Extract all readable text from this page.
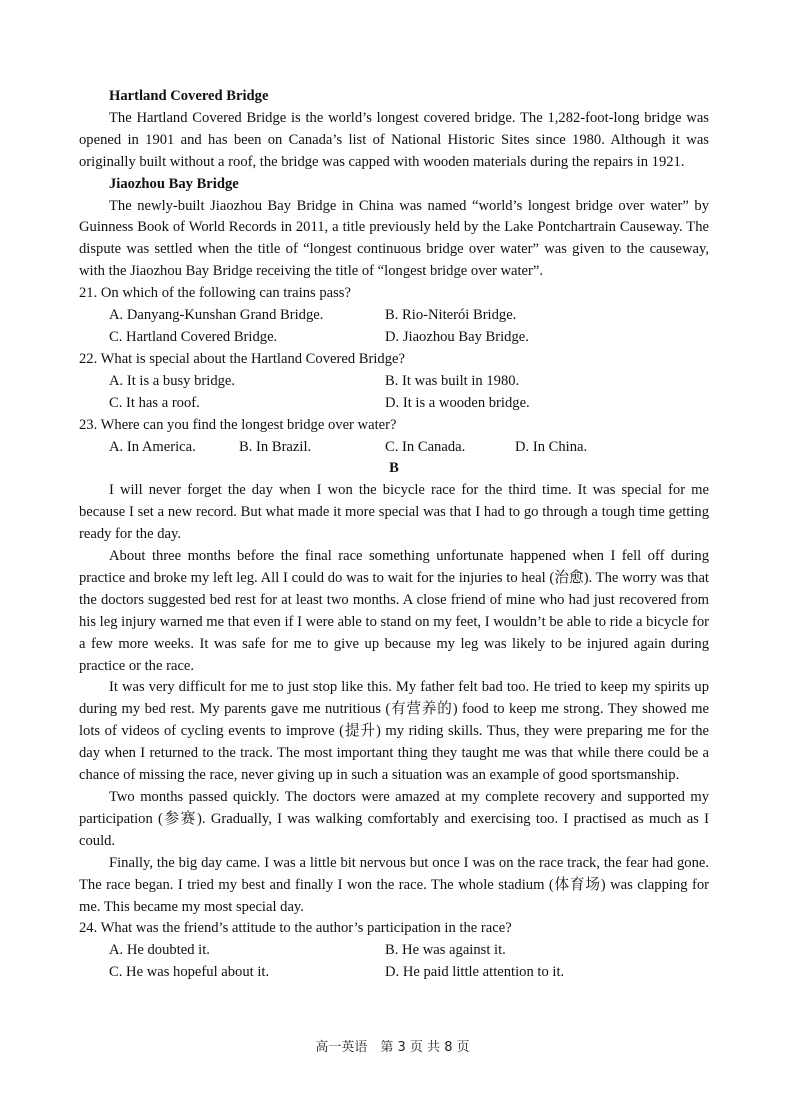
Hartland Covered Bridge

The Hartland Covered Bridge is the world’s longest covered bridge. The 1,282-foot-long bridge was opened in 1901 and has been on Canada’s list of National Historic Sites since 1980. Although it was originally built without a roof, the bridge was capped with wooden materials during the repairs in 1921.

Jiaozhou Bay Bridge

The newly-built Jiaozhou Bay Bridge in China was named “world’s longest bridge over water” by Guinness Book of World Records in 2011, a title previously held by the Lake Pontchartrain Causeway. The dispute was settled when the title of “longest continuous bridge over water” was given to the causeway, with the Jiaozhou Bay Bridge receiving the title of “longest bridge over water”.

21. On which of the following can trains pass?

A. Danyang-Kunshan Grand Bridge.	B. Rio-Niterói Bridge.
C. Hartland Covered Bridge.	D. Jiaozhou Bay Bridge.

22. What is special about the Hartland Covered Bridge?

A. It is a busy bridge.	B. It was built in 1980.
C. It has a roof.	D. It is a wooden bridge.

23. Where can you find the longest bridge over water?

A. In America.	B. In Brazil.	C. In Canada.	D. In China.

B

I will never forget the day when I won the bicycle race for the third time. It was special for me because I set a new record. But what made it more special was that I had to go through a tough time getting ready for the day.

About three months before the final race something unfortunate happened when I fell off during practice and broke my left leg. All I could do was to wait for the injuries to heal (治愈). The worry was that the doctors suggested bed rest for at least two months. A close friend of mine who had just recovered from his leg injury warned me that even if I were able to stand on my feet, I wouldn’t be able to ride a bicycle for a few more weeks. It was safe for me to give up because my leg was likely to be injured again during practice or the race.

It was very difficult for me to just stop like this. My father felt bad too. He tried to keep my spirits up during my bed rest. My parents gave me nutritious (有营养的) food to keep me strong. They showed me lots of videos of cycling events to improve (提升) my riding skills. Thus, they were preparing me for the day when I returned to the track. The most important thing they taught me was that while there could be a chance of missing the race, never giving up in such a situation was an example of good sportsmanship.

Two months passed quickly. The doctors were amazed at my complete recovery and supported my participation (参赛). Gradually, I was walking comfortably and exercising too. I practised as much as I could.

Finally, the big day came. I was a little bit nervous but once I was on the race track, the fear had gone. The race began. I tried my best and finally I won the race. The whole stadium (体育场) was clapping for me. This became my most special day.

24. What was the friend’s attitude to the author’s participation in the race?

A. He doubted it.	B. He was against it.
C. He was hopeful about it.	D. He paid little attention to it.
高一英语　第 3 页 共 8 页
